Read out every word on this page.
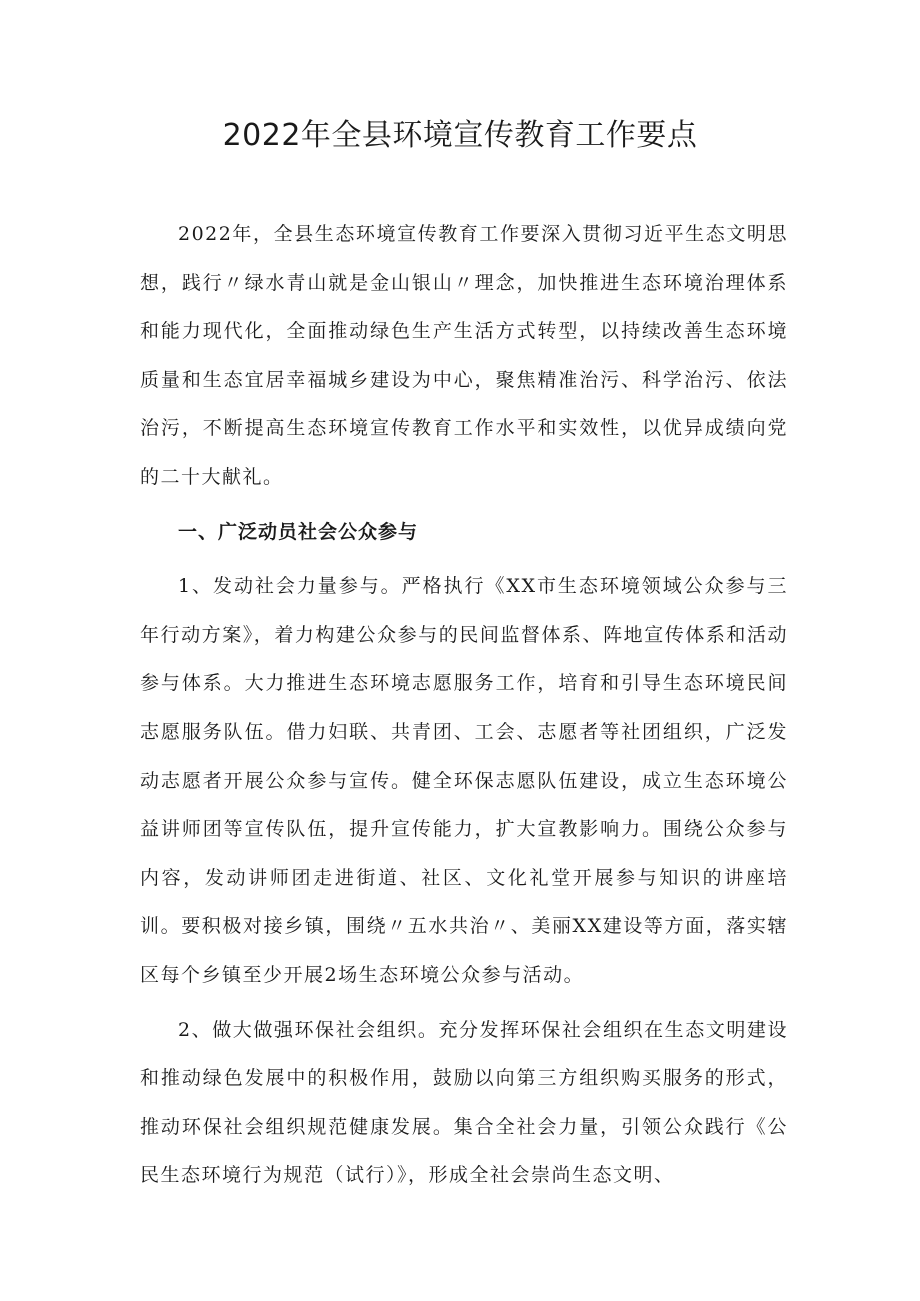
2022年全县环境宣传教育工作要点

2022年，全县生态环境宣传教育工作要深入贯彻习近平生态文明思想，践行〃绿水青山就是金山银山〃理念，加快推进生态环境治理体系和能力现代化，全面推动绿色生产生活方式转型，以持续改善生态环境质量和生态宜居幸福城乡建设为中心，聚焦精准治污、科学治污、依法治污，不断提高生态环境宣传教育工作水平和实效性，以优异成绩向党的二十大献礼。

一、广泛动员社会公众参与

1、发动社会力量参与。严格执行《XX市生态环境领域公众参与三年行动方案》，着力构建公众参与的民间监督体系、阵地宣传体系和活动参与体系。大力推进生态环境志愿服务工作，培育和引导生态环境民间志愿服务队伍。借力妇联、共青团、工会、志愿者等社团组织，广泛发动志愿者开展公众参与宣传。健全环保志愿队伍建设，成立生态环境公益讲师团等宣传队伍，提升宣传能力，扩大宣教影响力。围绕公众参与内容，发动讲师团走进街道、社区、文化礼堂开展参与知识的讲座培训。要积极对接乡镇，围绕〃五水共治〃、美丽XX建设等方面，落实辖区每个乡镇至少开展2场生态环境公众参与活动。

2、做大做强环保社会组织。充分发挥环保社会组织在生态文明建设和推动绿色发展中的积极作用，鼓励以向第三方组织购买服务的形式，推动环保社会组织规范健康发展。集合全社会力量，引领公众践行《公民生态环境行为规范（试行）》，形成全社会崇尚生态文明、
